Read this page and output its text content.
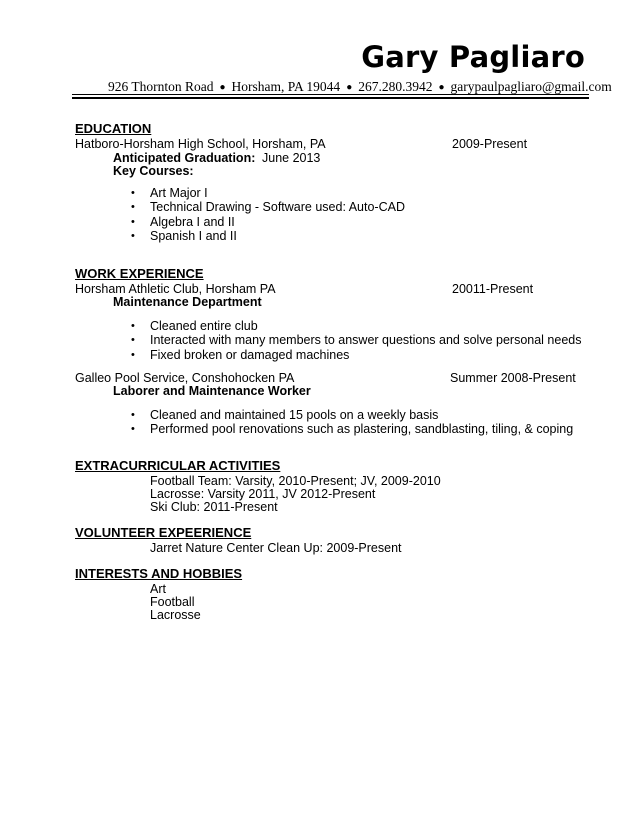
Gary Pagliaro
926 Thornton Road ● Horsham, PA 19044 ● 267.280.3942 ● garypaulpagliaro@gmail.com
EDUCATION
Hatboro-Horsham High School, Horsham, PA	2009-Present
Anticipated Graduation: June 2013
Key Courses:
• Art Major I
• Technical Drawing - Software used: Auto-CAD
• Algebra I and II
• Spanish I and II
WORK EXPERIENCE
Horsham Athletic Club, Horsham PA	20011-Present
Maintenance Department
• Cleaned entire club
• Interacted with many members to answer questions and solve personal needs
• Fixed broken or damaged machines
Galleo Pool Service, Conshohocken PA	Summer 2008-Present
Laborer and Maintenance Worker
• Cleaned and maintained 15 pools on a weekly basis
• Performed pool renovations such as plastering, sandblasting, tiling, & coping
EXTRACURRICULAR ACTIVITIES
Football Team: Varsity, 2010-Present; JV, 2009-2010
Lacrosse: Varsity 2011, JV 2012-Present
Ski Club: 2011-Present
VOLUNTEER EXPEERIENCE
Jarret Nature Center Clean Up: 2009-Present
INTERESTS AND HOBBIES
Art
Football
Lacrosse
